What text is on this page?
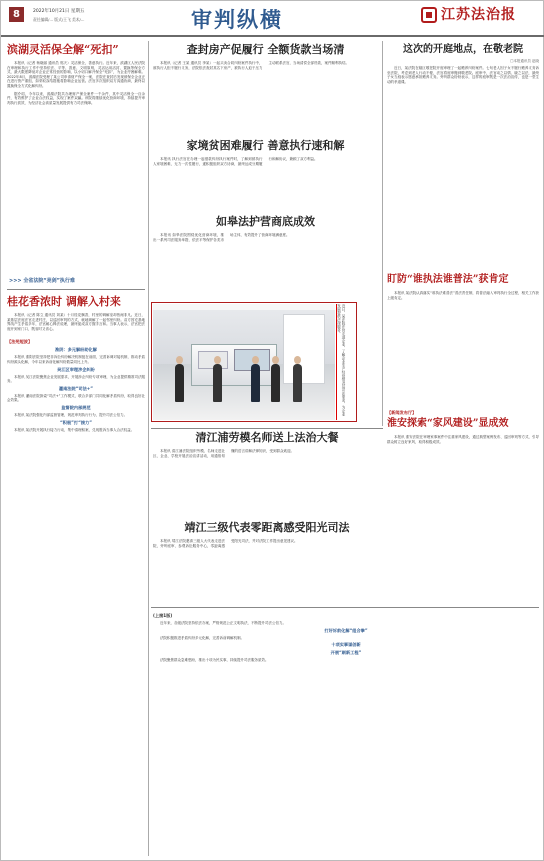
8	2022年10月21日 星期五
责任编辑/... 版式/王飞 美术/...	审判纵横	江苏法治报
滨湖灵活保全解“死扣”
本报讯（记者 杨晓丽 通讯员 郭天）灵活保全，善意执行。近年来，滨湖区人民法院在审理和执行工作中坚持依法、平等、善意、文明原则，灵活运用活封、置换等保全方式，最大限度降低对企业正常经营的影响，以小切口解开保全“死扣”，为企业纾困解难。2022年8月，滨湖法院受理了某公司申请财产保全一案，法院在查封后发现被保全企业正在进行资产重组，如采取冻结措施将影响企业运营。法官多次组织双方沟通协商，最终以置换保全方式化解纠纷。
据介绍，今年以来，滨湖法院共办理财产保全案件一千余件，其中灵活保全一百余件，有效维护了企业合法权益，实现了案件双赢。该院将继续优化营商环境，持续提升审判执行质效，为经济社会高质量发展提供有力司法保障。
>>> 全省法院“亮剑”执行难
桂花香浓时 调解入村来
本报讯（记者 陈立 通讯员 刘某）十月桂花飘香，村里的调解室却热闹非凡。近日，某基层法庭法官走进村庄，以巡回审判的方式，就地调解了一起邻里纠纷。双方因宅基地界线产生矛盾多年，法官耐心释法说理，最终促成双方握手言和。当事人表示，法官把法庭开到家门口，既省时又省心。
【法苑短波】
淮阴：多元解纷助化解
本报讯 淮阴法院坚持把非诉讼纠纷解决机制挺在前面，完善诉调对接机制，推动矛盾纠纷源头化解，今年以来诉前化解纠纷数量同比上升。
吴江区审理涉企纠纷
本报讯 吴江法院聚焦企业发展需求，开展涉企纠纷专项审理，为企业提供精准司法服务。
灌南法院“司法+”
本报讯 灌南法院探索“司法+”工作模式，联合多部门共同化解矛盾纠纷，取得良好社会效果。
监督院内部规范
本报讯 某法院强化内部监督管理，规范审判执行行为，提升司法公信力。
“积极”打“接力”
本报讯 某法院开展执行接力行动，集中清理积案，兑现胜诉当事人合法权益。
查封房产促履行 全额货款当场清
本报讯（记者 王某 通讯员 李某）一起买卖合同纠纷案件执行中，被执行人拒不履行义务，法院依法查封其名下房产，被执行人迫于压力主动联系法官，当场清偿全部货款，案件顺利执结。
家境贫困难履行 善意执行速和解
本报讯 执行法官在办理一起借款纠纷执行案件时，了解到被执行人家境困难，无力一次性履行，遂积极组织双方协商，最终达成分期履行和解协议，兼顾了双方利益。
如皋法护营商底成效
本报讯 如皋法院围绕优化营商环境，推出一系列司法服务举措，依法平等保护各类市场主体，有效提升了营商环境满意度。
近日，某法院法官走进企业，了解企业生产经营情况及司法需求，为企业发展提供法律服务。
这次的开庭地点，在敬老院
□本报通讯员 赵晓
近日，某法院在辖区敬老院开庭审理了一起赡养纠纷案件。七旬老人因子女不履行赡养义务诉至法院，考虑到老人行动不便，法官将庭审搬到敬老院。庭审中，法官动之以情、晓之以法，最终子女当庭表示愿意承担赡养义务。旁听群众纷纷表示，这样的庭审既是一次法治宣传，也是一堂生动的孝道课。
盯防“谁执法谁普法”获肯定
本报讯 某法院认真落实“谁执法谁普法”普法责任制，将普法融入审判执行全过程，相关工作获上级肯定。
【新闻发布厅】
淮安探索“家风建设”显成效
本报讯 淮安法院在审理家事案件中注重家风建设，通过典型案例发布、巡回审判等方式，引导群众树立良好家风，取得积极成效。
清江浦劳模名师送上法治大餐
本报讯 清江浦法院组织劳模、名师走进社区、企业、学校开展法治宣讲活动，用通俗易懂的语言讲解法律知识，受到群众欢迎。
靖江三级代表零距离感受阳光司法
本报讯 靖江法院邀请三级人大代表走进法院，旁听庭审、参观诉讼服务中心，零距离感受阳光司法，并对法院工作提出意见建议。
(上接1版)
近年来，各级法院坚持依法办案，严格规范公正文明执法，不断提升司法公信力。
打好诉前化解“组合拳”
法院积极推进矛盾纠纷多元化解，完善诉前调解机制。
十项实事谋创新
开展“刷新工程”
法院聚焦群众急难愁盼，推出十项为民实事，持续提升司法服务质效。
